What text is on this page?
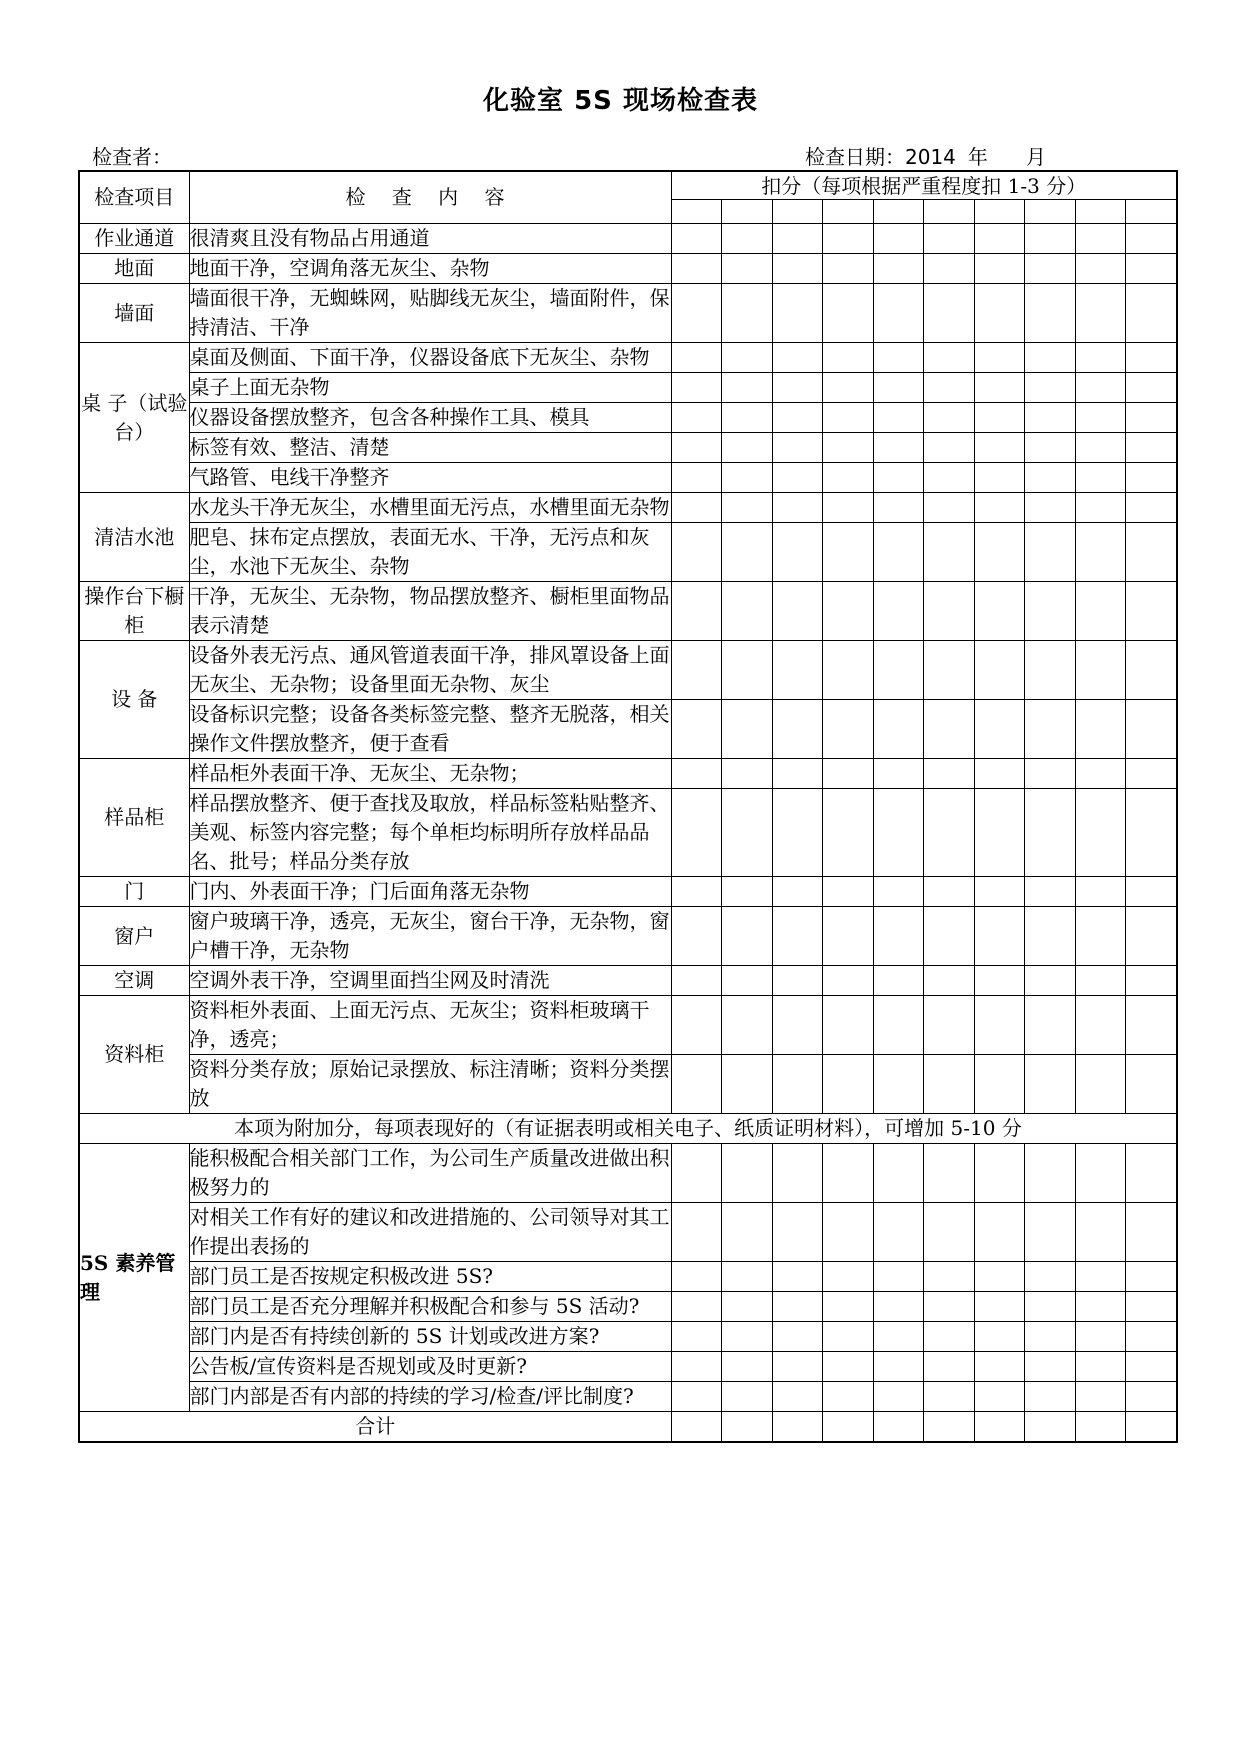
化验室 5S 现场检查表
检查者：	检查日期：2014 年 月
检查项目	检 查 内 容	扣分（每项根据严重程度扣 1-3 分）									

作业通道	很清爽且没有物品占用通道										
地面	地面干净，空调角落无灰尘、杂物										
墙面	墙面很干净，无蜘蛛网，贴脚线无灰尘，墙面附件，保持清洁、干净										
桌 子（试验台）	桌面及侧面、下面干净，仪器设备底下无灰尘、杂物										
	桌子上面无杂物										
	仪器设备摆放整齐，包含各种操作工具、模具										
	标签有效、整洁、清楚										
	气路管、电线干净整齐										
清洁水池	水龙头干净无灰尘，水槽里面无污点，水槽里面无杂物										
	肥皂、抹布定点摆放，表面无水、干净，无污点和灰尘，水池下无灰尘、杂物										
操作台下橱柜	干净，无灰尘、无杂物，物品摆放整齐、橱柜里面物品表示清楚										
设 备	设备外表无污点、通风管道表面干净，排风罩设备上面无灰尘、无杂物；设备里面无杂物、灰尘										
	设备标识完整；设备各类标签完整、整齐无脱落，相关操作文件摆放整齐，便于查看										
样品柜	样品柜外表面干净、无灰尘、无杂物；										
	样品摆放整齐、便于查找及取放，样品标签粘贴整齐、美观、标签内容完整；每个单柜均标明所存放样品品名、批号；样品分类存放										
门	门内、外表面干净；门后面角落无杂物										
窗户	窗户玻璃干净，透亮，无灰尘，窗台干净，无杂物，窗户槽干净，无杂物										
空调	空调外表干净，空调里面挡尘网及时清洗										
资料柜	资料柜外表面、上面无污点、无灰尘；资料柜玻璃干净，透亮；										
	资料分类存放；原始记录摆放、标注清晰；资料分类摆放										
本项为附加分，每项表现好的（有证据表明或相关电子、纸质证明材料），可增加 5-10 分											
5S 素养管理	能积极配合相关部门工作，为公司生产质量改进做出积极努力的										
	对相关工作有好的建议和改进措施的、公司领导对其工作提出表扬的										
	部门员工是否按规定积极改进 5S?										
	部门员工是否充分理解并积极配合和参与 5S 活动?										
	部门内是否有持续创新的 5S 计划或改进方案?										
	公告板/宣传资料是否规划或及时更新?										
	部门内部是否有内部的持续的学习/检查/评比制度?										
合计											
